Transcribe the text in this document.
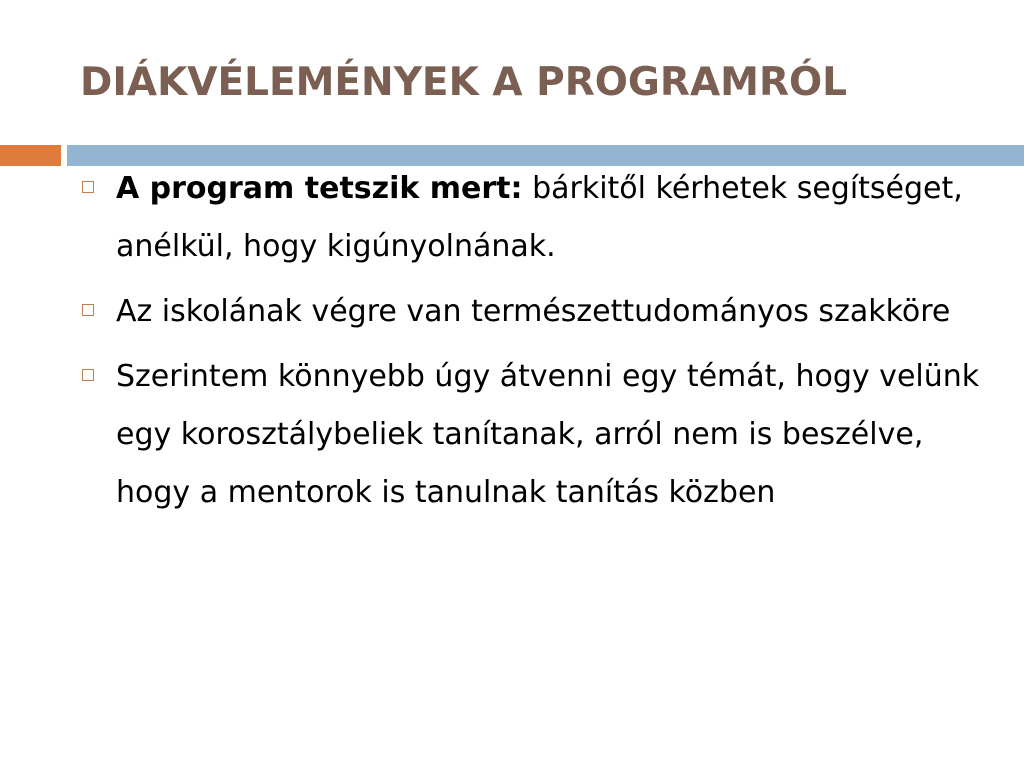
DIÁKVÉLEMÉNYEK A PROGRAMRÓL
A program tetszik mert: bárkitől kérhetek segítséget, anélkül, hogy kigúnyolnának.
Az iskolának végre van természettudományos szakköre
Szerintem könnyebb úgy átvenni egy témát, hogy velünk egy korosztálybeliek tanítanak, arról nem is beszélve, hogy a mentorok is tanulnak tanítás közben
